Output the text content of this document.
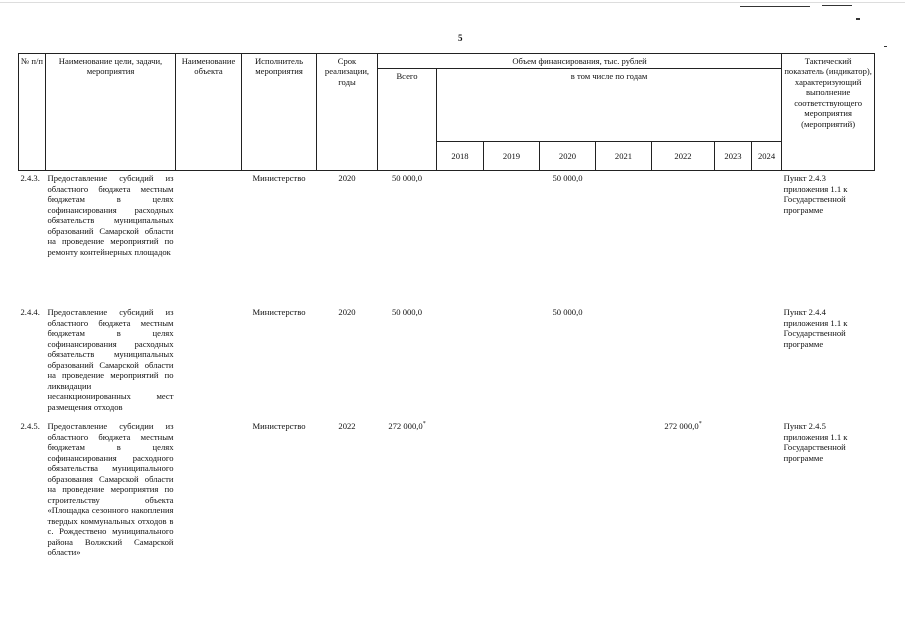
5
№ п/п	Наименование цели, задачи, мероприятия	Наименование объекта	Исполнитель мероприятия	Срок реализации, годы	Объем финансирования, тыс. рублей								Тактический показатель (индикатор), характеризующий выполнение соответствующего мероприятия (мероприятий)
					Всего	в том числе по годам							
						2018	2019	2020	2021	2022	2023	2024	
2.4.3.	Предоставление субсидий из областного бюджета местным бюджетам в целях софинансирования расходных обязательств муниципальных образований Самарской области на проведение мероприятий по ремонту контейнерных площадок		Министерство	2020	50 000,0			50 000,0					Пункт 2.4.3 приложения 1.1 к Государственной программе
2.4.4.	Предоставление субсидий из областного бюджета местным бюджетам в целях софинансирования расходных обязательств муниципальных образований Самарской области на проведение мероприятий по ликвидации несанкционированных мест размещения отходов		Министерство	2020	50 000,0			50 000,0					Пункт 2.4.4 приложения 1.1 к Государственной программе
2.4.5.	Предоставление субсидии из областного бюджета местным бюджетам в целях софинансирования расходного обязательства муниципального образования Самарской области на проведение мероприятия по строительству объекта «Площадка сезонного накопления твердых коммунальных отходов в с. Рождествено муниципального района Волжский Самарской области»		Министерство	2022	272 000,0*					272 000,0*			Пункт 2.4.5 приложения 1.1 к Государственной программе
